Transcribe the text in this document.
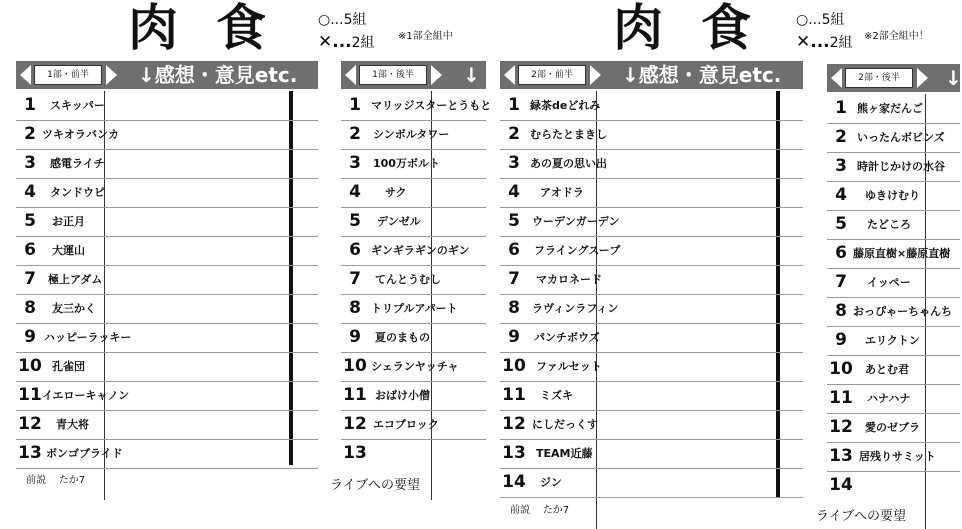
肉食 ○...5組
✕...2組 ※1部全組中
1部・前半	↓感想・意見etc.
1	スキッパー
2 ツキオラバンカ
3	感電ライチ
4	タンドウビ
5	お正月
6	大運山
7	極上アダム
8	友三かく
9 ハッピーラッキー
10 孔雀団
11 イエローキャノン
12 青大将
13 ボンゴブライド
前説 たか7
1部・後半	↓
1 マリッジスターとうもと
2	シンボルタワー
3	100万ボルト
4	サク
5	デンゼル
6 ギンギラギンのギン
7	てんとうむし
8 トリプルアパート
9	夏のまもの
10 シェランヤッチャ
11 おばけ小僧
12 エコブロック
13
ライブへの要望
肉食 ○...5組
✕...2組 ※2部全組中！
2部・前半	↓感想・意見etc.
1 緑茶deどれみ
2 むらたとまきし
3 あの夏の思い出
4	アオドラ
5	ウーデンガーデン
6	フライングスープ
7	マカロネード
8	ラヴィンラフィン
9	パンチボウズ
10 ファルセット
11 ミズキ
12 にしだっくす
13 TEAM近藤
14 ジン
前説 たか7
2部・後半	↓
1 熊ヶ家だんご
2 いったんボビンズ
3 時計じかけの水谷
4	ゆきけむり
5	たどころ
6 藤原直樹×藤原直樹
7	イッペー
8 おっぴゃーちゃんち
9	エリクトン
10 あとむ君
11 ハナハナ
12 愛のゼブラ
13 居残りサミット
14
ライブへの要望
